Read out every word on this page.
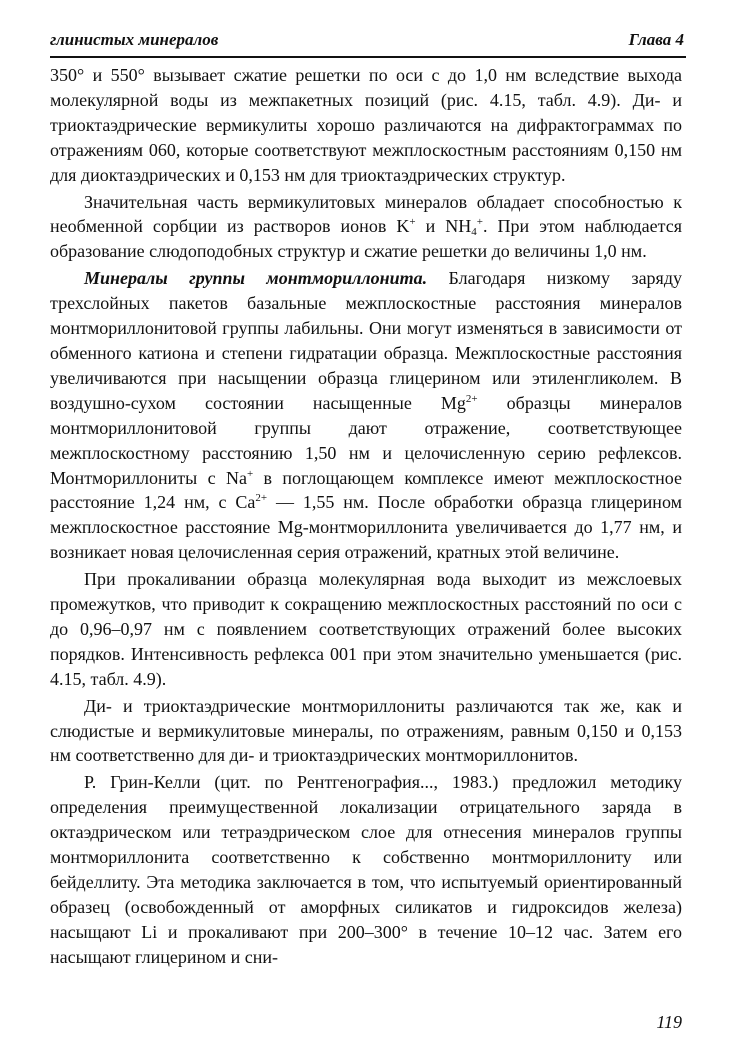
глинистых минералов	Глава 4

350° и 550° вызывает сжатие решетки по оси с до 1,0 нм вследствие выхода молекулярной воды из межпакетных позиций (рис. 4.15, табл. 4.9). Ди- и триоктаэдрические вермикулиты хорошо различаются на дифрактограммах по отражениям 060, которые соответствуют межплоскостным расстояниям 0,150 нм для диоктаэдрических и 0,153 нм для триоктаэдрических структур.

Значительная часть вермикулитовых минералов обладает способностью к необменной сорбции из растворов ионов K+ и $NH_4^+$. При этом наблюдается образование слюдоподобных структур и сжатие решетки до величины 1,0 нм.

Минералы группы монтмориллонита. Благодаря низкому заряду трехслойных пакетов базальные межплоскостные расстояния минералов монтмориллонитовой группы лабильны. Они могут изменяться в зависимости от обменного катиона и степени гидратации образца. Межплоскостные расстояния увеличиваются при насыщении образца глицерином или этиленгликолем. В воздушно-сухом состоянии насыщенные $Mg^{2+}$ образцы минералов монтмориллонитовой группы дают отражение, соответствующее межплоскостному расстоянию 1,50 нм и целочисленную серию рефлексов. Монтмориллониты с Na+ в поглощающем комплексе имеют межплоскостное расстояние 1,24 нм, с $Ca^{2+}$ — 1,55 нм. После обработки образца глицерином межплоскостное расстояние Mg-монтмориллонита увеличивается до 1,77 нм, и возникает новая целочисленная серия отражений, кратных этой величине.

При прокаливании образца молекулярная вода выходит из межслоевых промежутков, что приводит к сокращению межплоскостных расстояний по оси с до 0,96–0,97 нм с появлением соответствующих отражений более высоких порядков. Интенсивность рефлекса 001 при этом значительно уменьшается (рис. 4.15, табл. 4.9).

Ди- и триоктаэдрические монтмориллониты различаются так же, как и слюдистые и вермикулитовые минералы, по отражениям, равным 0,150 и 0,153 нм соответственно для ди- и триоктаэдрических монтмориллонитов.

Р. Грин-Келли (цит. по Рентгенография..., 1983.) предложил методику определения преимущественной локализации отрицательного заряда в октаэдрическом или тетраэдрическом слое для отнесения минералов группы монтмориллонита соответственно к собственно монтмориллониту или бейделлиту. Эта методика заключается в том, что испытуемый ориентированный образец (освобожденный от аморфных силикатов и гидроксидов железа) насыщают Li и прокаливают при 200–300° в течение 10–12 час. Затем его насыщают глицерином и сни-

119
